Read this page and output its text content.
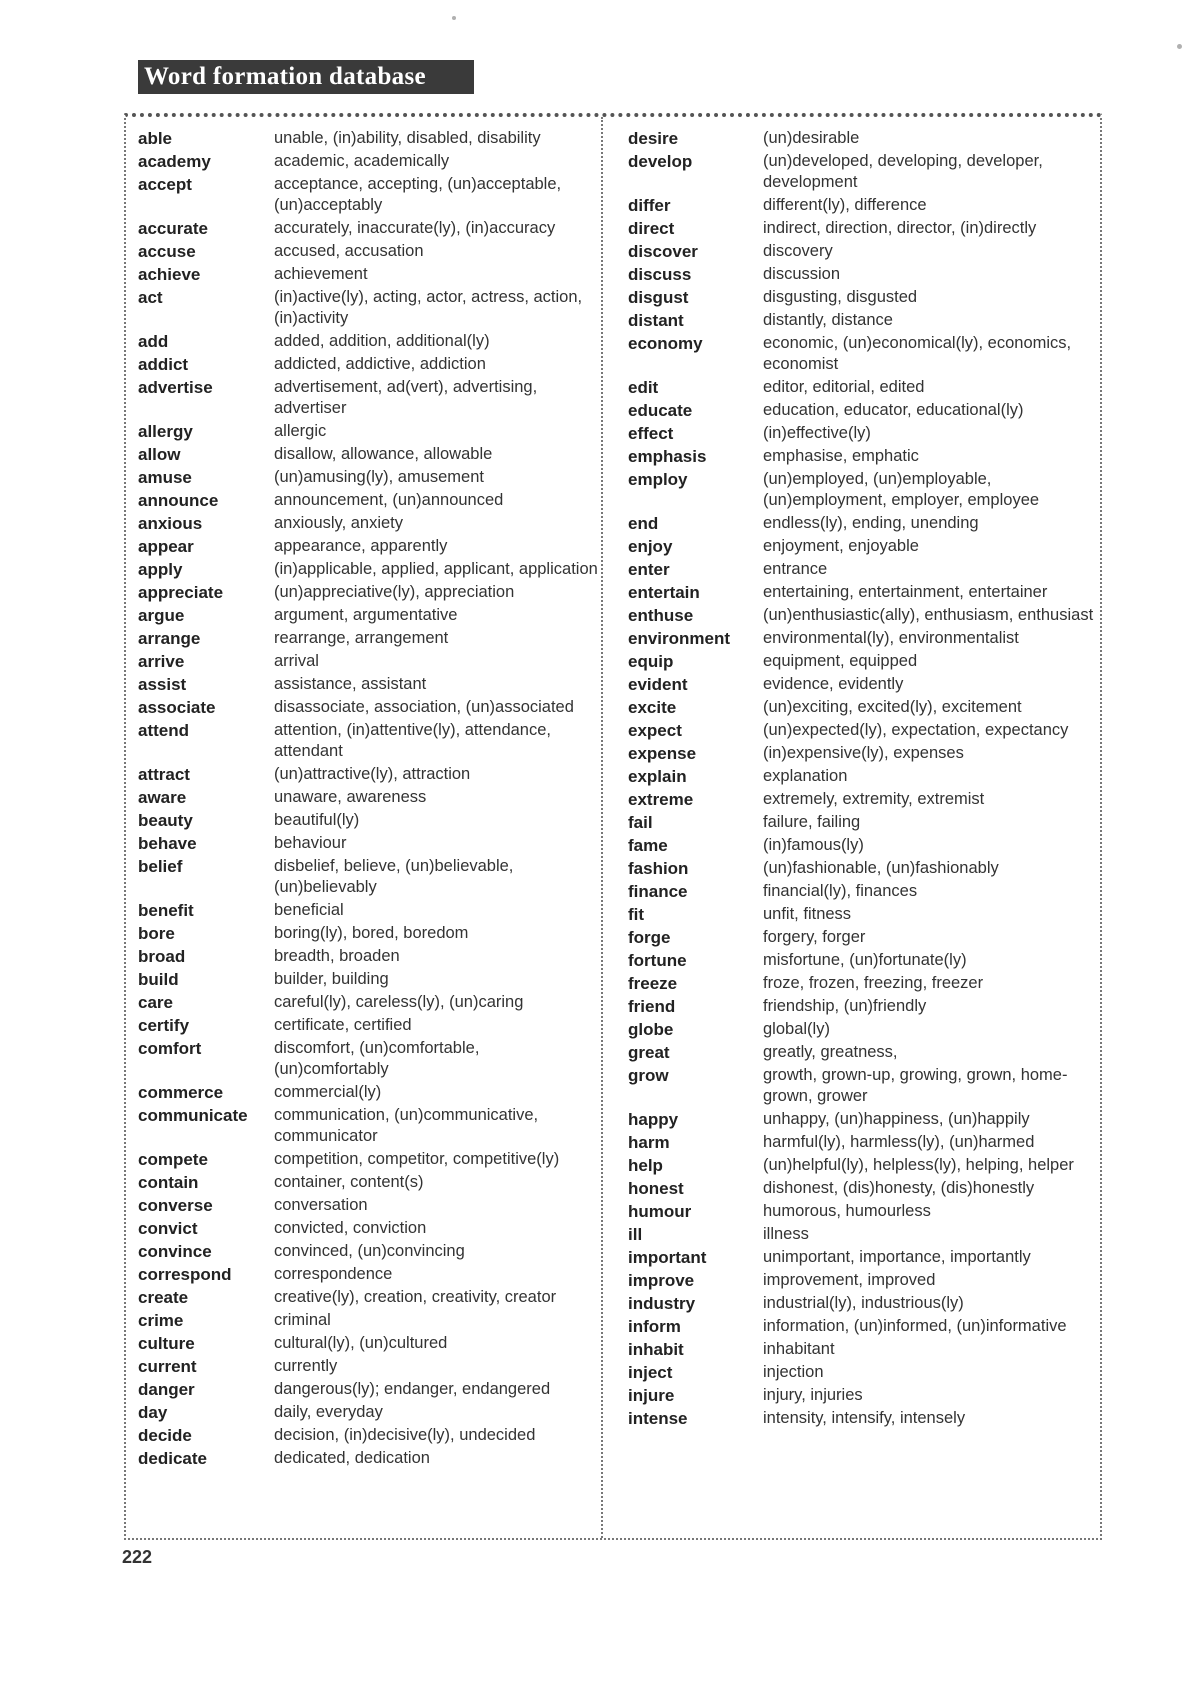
Word formation database
able	unable, (in)ability, disabled, disability
academy	academic, academically
accept	acceptance, accepting, (un)acceptable, (un)acceptably
accurate	accurately, inaccurate(ly), (in)accuracy
accuse	accused, accusation
achieve	achievement
act	(in)active(ly), acting, actor, actress, action, (in)activity
add	added, addition, additional(ly)
addict	addicted, addictive, addiction
advertise	advertisement, ad(vert), advertising, advertiser
allergy	allergic
allow	disallow, allowance, allowable
amuse	(un)amusing(ly), amusement
announce	announcement, (un)announced
anxious	anxiously, anxiety
appear	appearance, apparently
apply	(in)applicable, applied, applicant, application
appreciate	(un)appreciative(ly), appreciation
argue	argument, argumentative
arrange	rearrange, arrangement
arrive	arrival
assist	assistance, assistant
associate	disassociate, association, (un)associated
attend	attention, (in)attentive(ly), attendance, attendant
attract	(un)attractive(ly), attraction
aware	unaware, awareness
beauty	beautiful(ly)
behave	behaviour
belief	disbelief, believe, (un)believable, (un)believably
benefit	beneficial
bore	boring(ly), bored, boredom
broad	breadth, broaden
build	builder, building
care	careful(ly), careless(ly), (un)caring
certify	certificate, certified
comfort	discomfort, (un)comfortable, (un)comfortably
commerce	commercial(ly)
communicate	communication, (un)communicative, communicator
compete	competition, competitor, competitive(ly)
contain	container, content(s)
converse	conversation
convict	convicted, conviction
convince	convinced, (un)convincing
correspond	correspondence
create	creative(ly), creation, creativity, creator
crime	criminal
culture	cultural(ly), (un)cultured
current	currently
danger	dangerous(ly); endanger, endangered
day	daily, everyday
decide	decision, (in)decisive(ly), undecided
dedicate	dedicated, dedication
desire	(un)desirable
develop	(un)developed, developing, developer, development
differ	different(ly), difference
direct	indirect, direction, director, (in)directly
discover	discovery
discuss	discussion
disgust	disgusting, disgusted
distant	distantly, distance
economy	economic, (un)economical(ly), economics, economist
edit	editor, editorial, edited
educate	education, educator, educational(ly)
effect	(in)effective(ly)
emphasis	emphasise, emphatic
employ	(un)employed, (un)employable, (un)employment, employer, employee
end	endless(ly), ending, unending
enjoy	enjoyment, enjoyable
enter	entrance
entertain	entertaining, entertainment, entertainer
enthuse	(un)enthusiastic(ally), enthusiasm, enthusiast
environment	environmental(ly), environmentalist
equip	equipment, equipped
evident	evidence, evidently
excite	(un)exciting, excited(ly), excitement
expect	(un)expected(ly), expectation, expectancy
expense	(in)expensive(ly), expenses
explain	explanation
extreme	extremely, extremity, extremist
fail	failure, failing
fame	(in)famous(ly)
fashion	(un)fashionable, (un)fashionably
finance	financial(ly), finances
fit	unfit, fitness
forge	forgery, forger
fortune	misfortune, (un)fortunate(ly)
freeze	froze, frozen, freezing, freezer
friend	friendship, (un)friendly
globe	global(ly)
great	greatly, greatness,
grow	growth, grown-up, growing, grown, home-grown, grower
happy	unhappy, (un)happiness, (un)happily
harm	harmful(ly), harmless(ly), (un)harmed
help	(un)helpful(ly), helpless(ly), helping, helper
honest	dishonest, (dis)honesty, (dis)honestly
humour	humorous, humourless
ill	illness
important	unimportant, importance, importantly
improve	improvement, improved
industry	industrial(ly), industrious(ly)
inform	information, (un)informed, (un)informative
inhabit	inhabitant
inject	injection
injure	injury, injuries
intense	intensity, intensify, intensely
222
